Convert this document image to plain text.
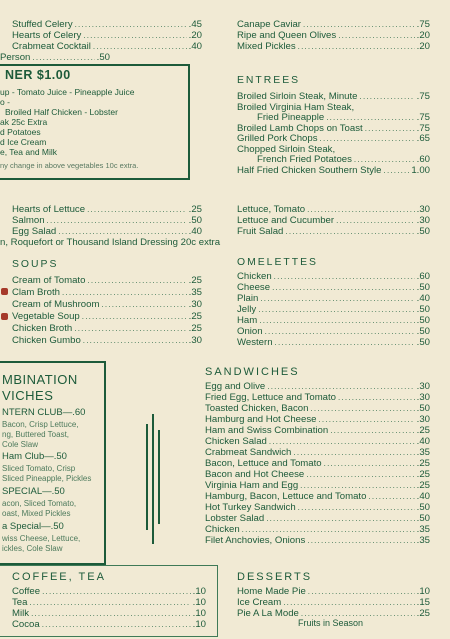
Stuffed Celery .....	.45
Hearts of Celery .....	.20
Crabmeat Cocktail .....	.40
Person .....	.50
Canape Caviar .....	.75
Ripe and Queen Olives .....	.20
Mixed Pickles .....	.20
NER $1.00
up - Tomato Juice - Pineapple Juice
o -
Broiled Half Chicken - Lobster
ak 25c Extra
d Potatoes
d Ice Cream
e, Tea and Milk
ny change in above vegetables 10c extra.
ENTREES
Broiled Sirloin Steak, Minute .....	.75
Broiled Virginia Ham Steak,
Fried Pineapple .....	.75
Broiled Lamb Chops on Toast .....	.75
Grilled Pork Chops .....	.65
Chopped Sirloin Steak,
French Fried Potatoes .....	.60
Half Fried Chicken Southern Style .....	1.00
Hearts of Lettuce .....	.25
Salmon .....	.50
Egg Salad .....	.40
n, Roquefort or Thousand Island Dressing 20c extra
Lettuce, Tomato .....	.30
Lettuce and Cucumber .....	.30
Fruit Salad .....	.50
SOUPS
Cream of Tomato .....	.25
Clam Broth .....	.35
Cream of Mushroom .....	.30
Vegetable Soup .....	.25
Chicken Broth .....	.25
Chicken Gumbo .....	.30
OMELETTES
Chicken .....	.60
Cheese .....	.50
Plain .....	.40
Jelly .....	.50
Ham .....	.50
Onion .....	.50
Western .....	.50
MBINATION
VICHES
NTERN CLUB—.60
Bacon, Crisp Lettuce,
ng, Buttered Toast,
Cole Slaw
Ham Club—.50
Sliced Tomato, Crisp
Sliced Pineapple, Pickles
SPECIAL—.50
acon, Sliced Tomato,
oast, Mixed Pickles
a Special—.50
wiss Cheese, Lettuce,
ickles, Cole Slaw
SANDWICHES
Egg and Olive .....	.30
Fried Egg, Lettuce and Tomato .....	.30
Toasted Chicken, Bacon .....	.50
Hamburg and Hot Cheese .....	.30
Ham and Swiss Combination .....	.25
Chicken Salad .....	.40
Crabmeat Sandwich .....	.35
Bacon, Lettuce and Tomato .....	.25
Bacon and Hot Cheese .....	.25
Virginia Ham and Egg .....	.25
Hamburg, Bacon, Lettuce and Tomato .....	.40
Hot Turkey Sandwich .....	.50
Lobster Salad .....	.50
Chicken .....	.35
Filet Anchovies, Onions .....	.35
COFFEE, TEA
Coffee .....	.10
Tea .....	.10
Milk .....	.10
Cocoa .....	.10
DESSERTS
Home Made Pie .....	.10
Ice Cream .....	.15
Pie A La Mode .....	.25
Fruits in Season
